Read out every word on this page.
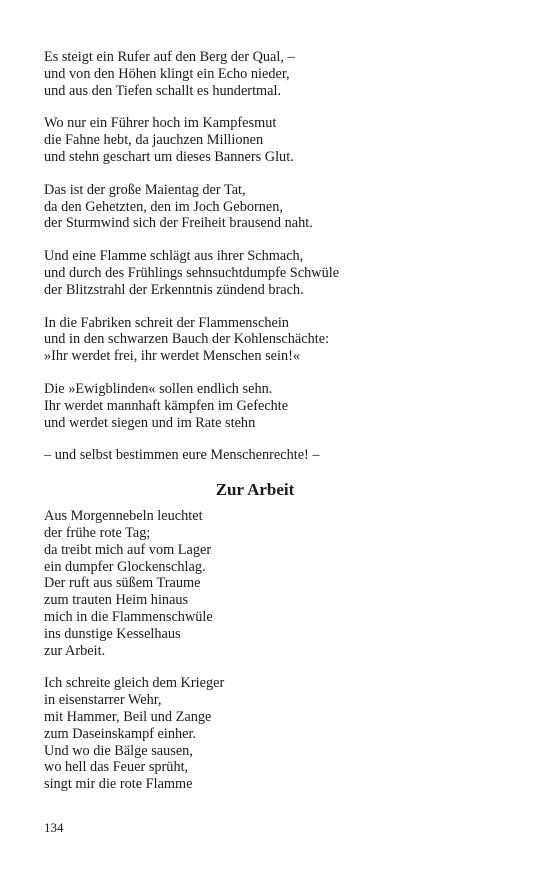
Es steigt ein Rufer auf den Berg der Qual, –
und von den Höhen klingt ein Echo nieder,
und aus den Tiefen schallt es hundertmal.
Wo nur ein Führer hoch im Kampfesmut
die Fahne hebt, da jauchzen Millionen
und stehn geschart um dieses Banners Glut.
Das ist der große Maientag der Tat,
da den Gehetzten, den im Joch Gebornen,
der Sturmwind sich der Freiheit brausend naht.
Und eine Flamme schlägt aus ihrer Schmach,
und durch des Frühlings sehnsuchtdumpfe Schwüle
der Blitzstrahl der Erkenntnis zündend brach.
In die Fabriken schreit der Flammenschein
und in den schwarzen Bauch der Kohlenschächte:
»Ihr werdet frei, ihr werdet Menschen sein!«
Die »Ewigblinden« sollen endlich sehn.
Ihr werdet mannhaft kämpfen im Gefechte
und werdet siegen und im Rate stehn
– und selbst bestimmen eure Menschenrechte! –
Zur Arbeit
Aus Morgennebeln leuchtet
der frühe rote Tag;
da treibt mich auf vom Lager
ein dumpfer Glockenschlag.
Der ruft aus süßem Traume
zum trauten Heim hinaus
mich in die Flammenschwüle
ins dunstige Kesselhaus
zur Arbeit.
Ich schreite gleich dem Krieger
in eisenstarrer Wehr,
mit Hammer, Beil und Zange
zum Daseinskampf einher.
Und wo die Bälge sausen,
wo hell das Feuer sprüht,
singt mir die rote Flamme
134
